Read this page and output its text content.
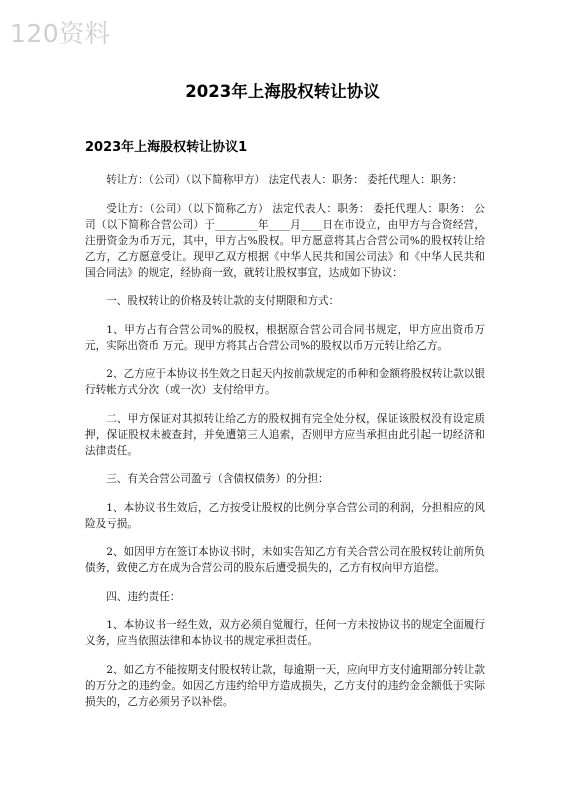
120资料
2023年上海股权转让协议
2023年上海股权转让协议1

转让方：（公司）（以下简称甲方） 法定代表人：职务： 委托代理人：职务：

受让方：（公司）（以下简称乙方） 法定代表人：职务： 委托代理人：职务： 公司（以下简称合营公司）于________年____月____日在市设立，由甲方与合资经营，注册资金为币万元，其中，甲方占%股权。甲方愿意将其占合营公司%的股权转让给乙方，乙方愿意受让。现甲乙双方根据《中华人民共和国公司法》和《中华人民共和国合同法》的规定，经协商一致，就转让股权事宜，达成如下协议：

一、股权转让的价格及转让款的支付期限和方式：

1、甲方占有合营公司%的股权，根据原合营公司合同书规定，甲方应出资币万元，实际出资币 万元。现甲方将其占合营公司%的股权以币万元转让给乙方。

2、乙方应于本协议书生效之日起天内按前款规定的币种和金额将股权转让款以银行转帐方式分次（或一次）支付给甲方。

二、甲方保证对其拟转让给乙方的股权拥有完全处分权，保证该股权没有设定质押，保证股权未被查封，并免遭第三人追索，否则甲方应当承担由此引起一切经济和法律责任。

三、有关合营公司盈亏（含债权债务）的分担：

1、本协议书生效后，乙方按受让股权的比例分享合营公司的利润，分担相应的风险及亏损。

2、如因甲方在签订本协议书时，未如实告知乙方有关合营公司在股权转让前所负债务，致使乙方在成为合营公司的股东后遭受损失的，乙方有权向甲方追偿。

四、违约责任：

1、本协议书一经生效，双方必须自觉履行，任何一方未按协议书的规定全面履行义务，应当依照法律和本协议书的规定承担责任。

2、如乙方不能按期支付股权转让款，每逾期一天，应向甲方支付逾期部分转让款的万分之的违约金。如因乙方违约给甲方造成损失，乙方支付的违约金金额低于实际损失的，乙方必须另予以补偿。
